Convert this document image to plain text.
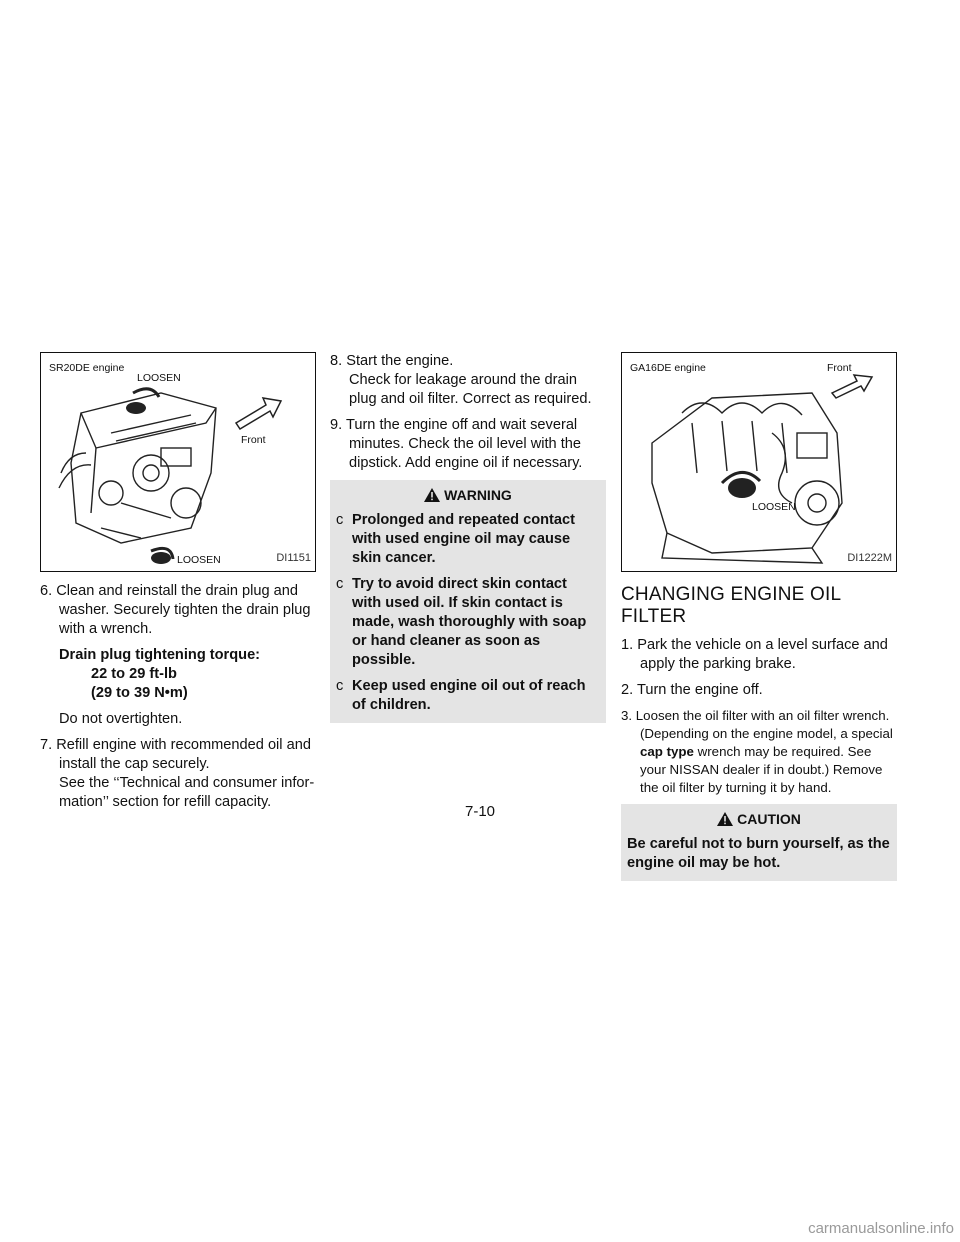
SR20DE engine
LOOSEN
Front
LOOSEN	DI1151

6. Clean and reinstall the drain plug and washer. Securely tighten the drain plug with a wrench.

Drain plug tightening torque:
22 to 29 ft-lb
(29 to 39 N•m)

Do not overtighten.

7. Refill engine with recommended oil and install the cap securely.

See the ‘‘Technical and consumer infor-mation’’ section for refill capacity.

8. Start the engine.

Check for leakage around the drain plug and oil filter. Correct as required.

9. Turn the engine off and wait several minutes. Check the oil level with the dipstick. Add engine oil if necessary.

WARNING

c Prolonged and repeated contact with used engine oil may cause skin cancer.

c Try to avoid direct skin contact with used oil. If skin contact is made, wash thoroughly with soap or hand cleaner as soon as possible.

c Keep used engine oil out of reach of children.

GA16DE engine	Front
LOOSEN
DI1222M
CHANGING ENGINE OIL FILTER

1. Park the vehicle on a level surface and apply the parking brake.

2. Turn the engine off.

3. Loosen the oil filter with an oil filter wrench. (Depending on the engine model, a special cap type wrench may be required. See your NISSAN dealer if in doubt.) Remove the oil filter by turning it by hand.

CAUTION

Be careful not to burn yourself, as the engine oil may be hot.

7-10
carmanualsonline.info
